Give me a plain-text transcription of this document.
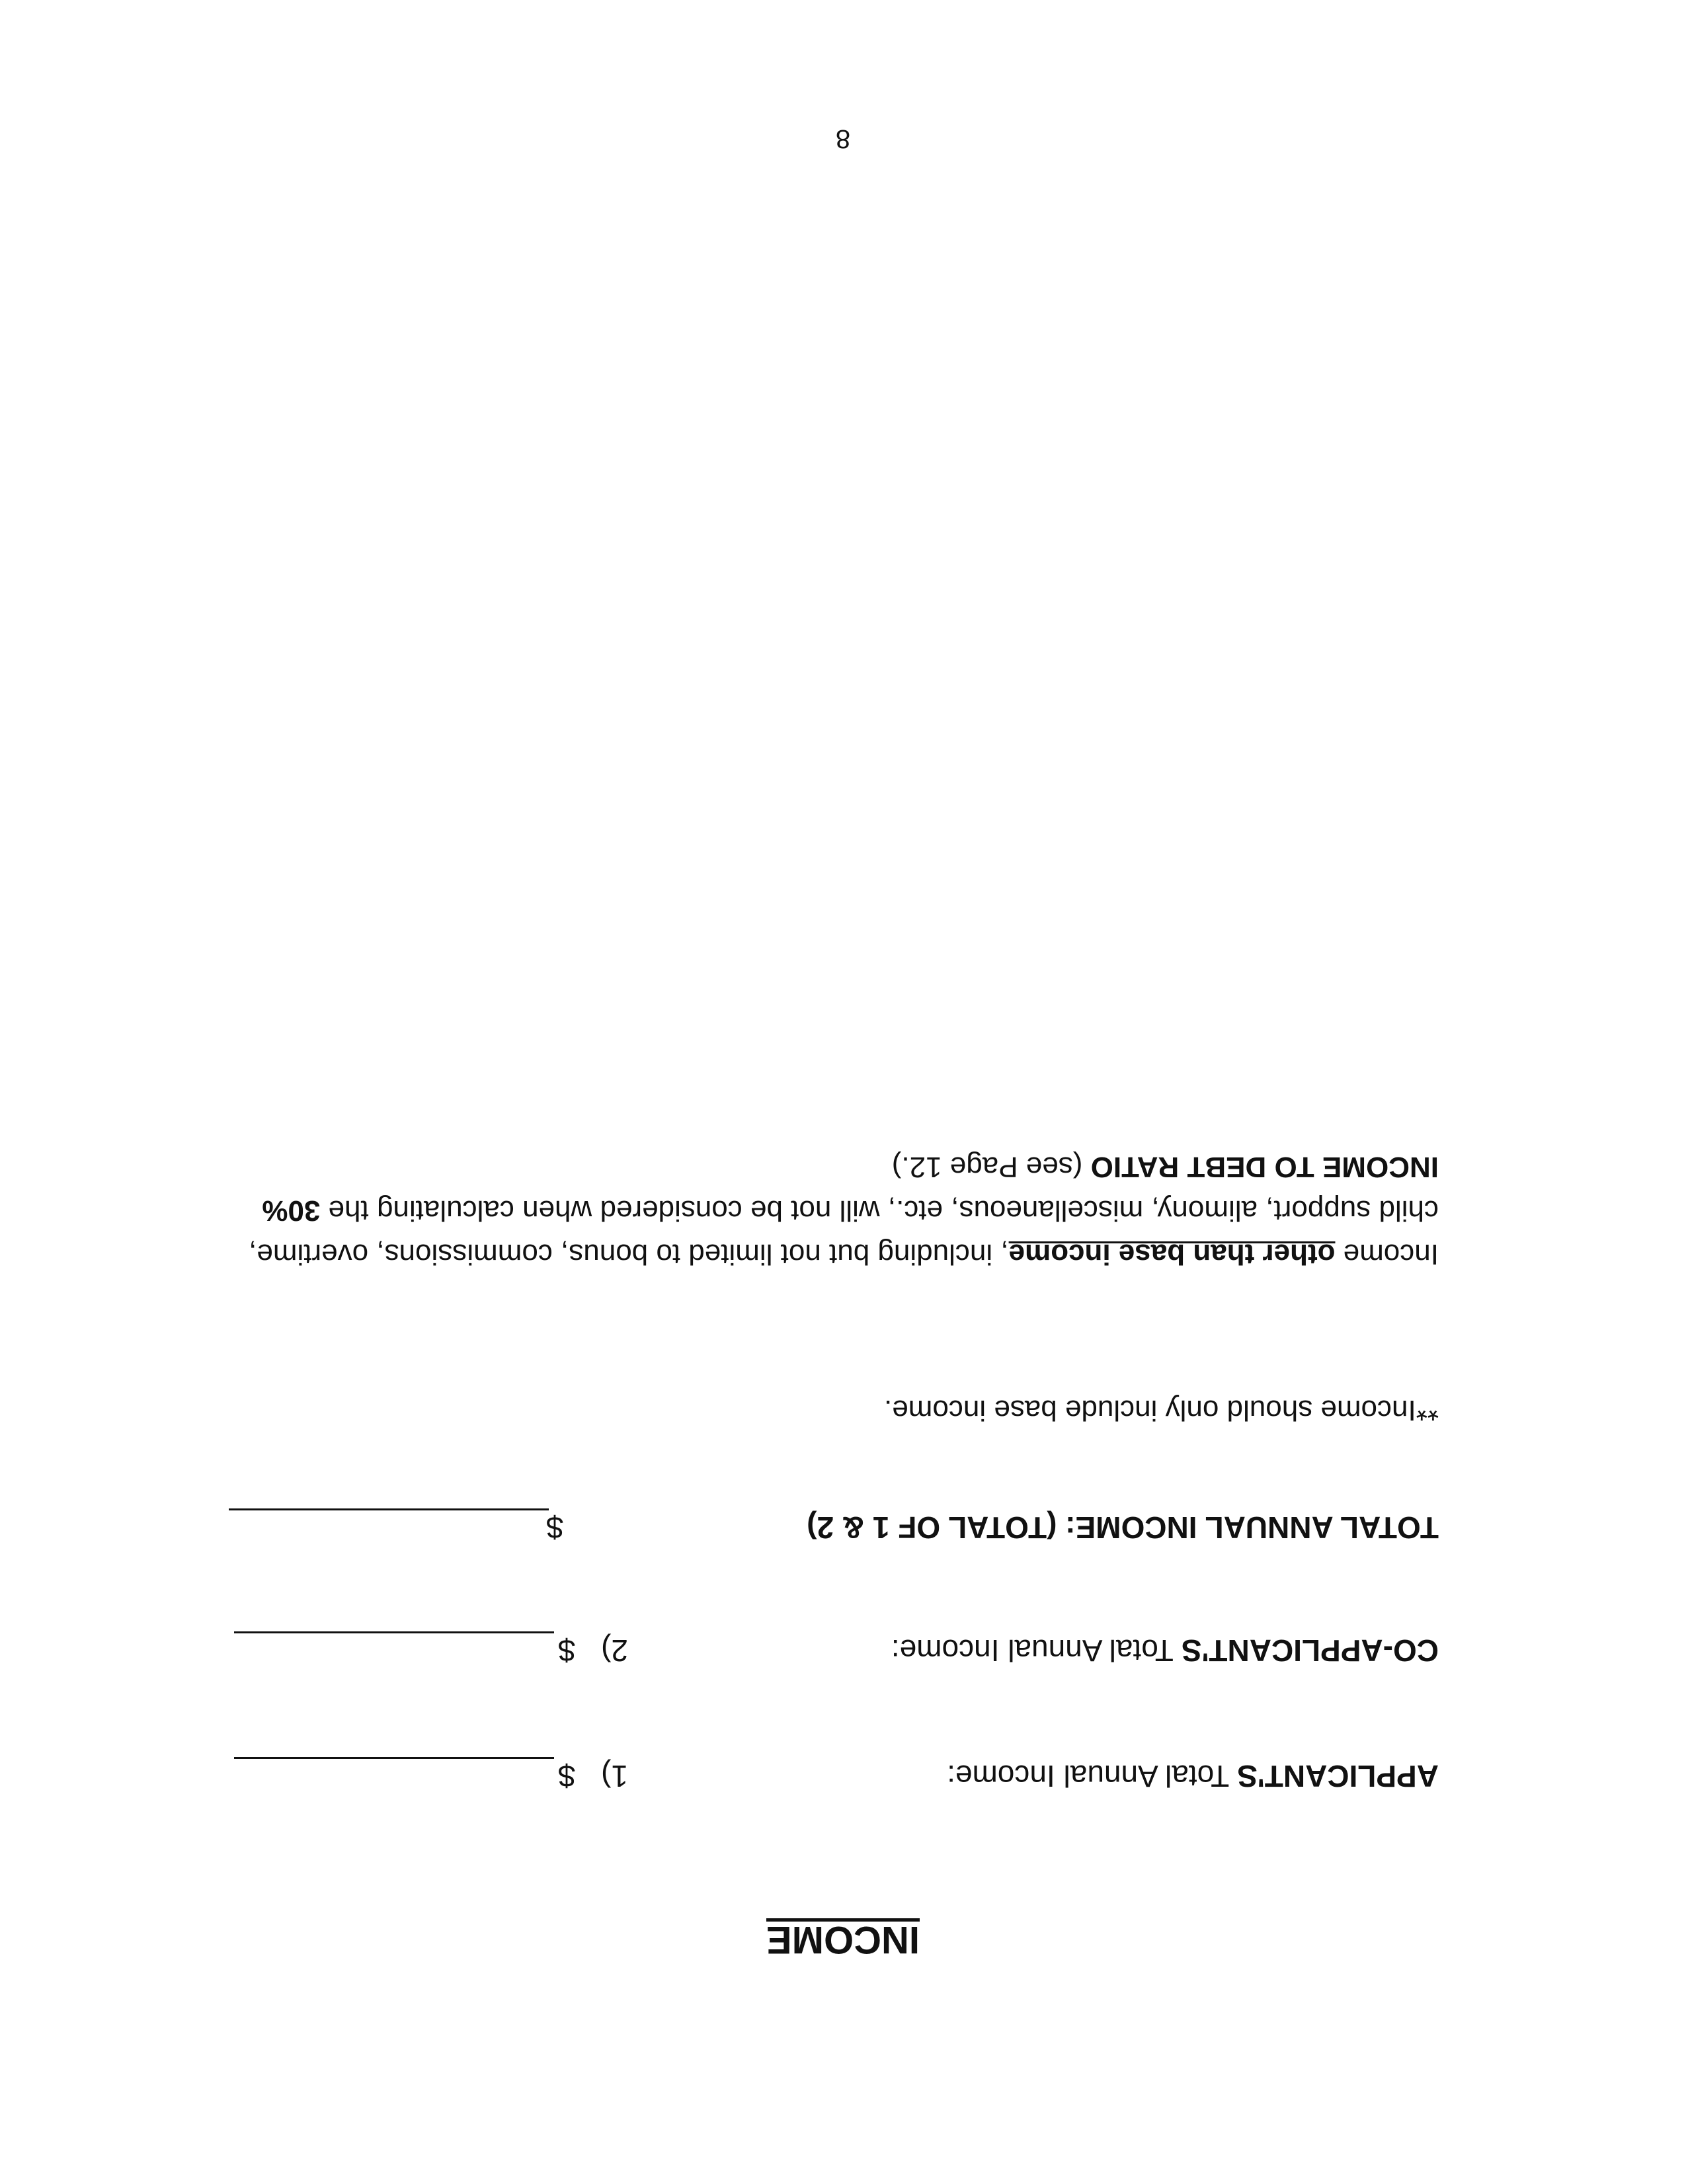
INCOME
APPLICANT'S Total Annual Income:
1)
$
CO-APPLICANT'S Total Annual Income:
2)
$
TOTAL ANNUAL INCOME: (TOTAL OF 1 & 2)
$
**Income should only include base income.
Income other than base income, including but not limited to bonus, commissions, overtime,
child support, alimony, miscellaneous, etc., will not be considered when calculating the 30%
INCOME TO DEBT RATIO (see Page 12.)
8
